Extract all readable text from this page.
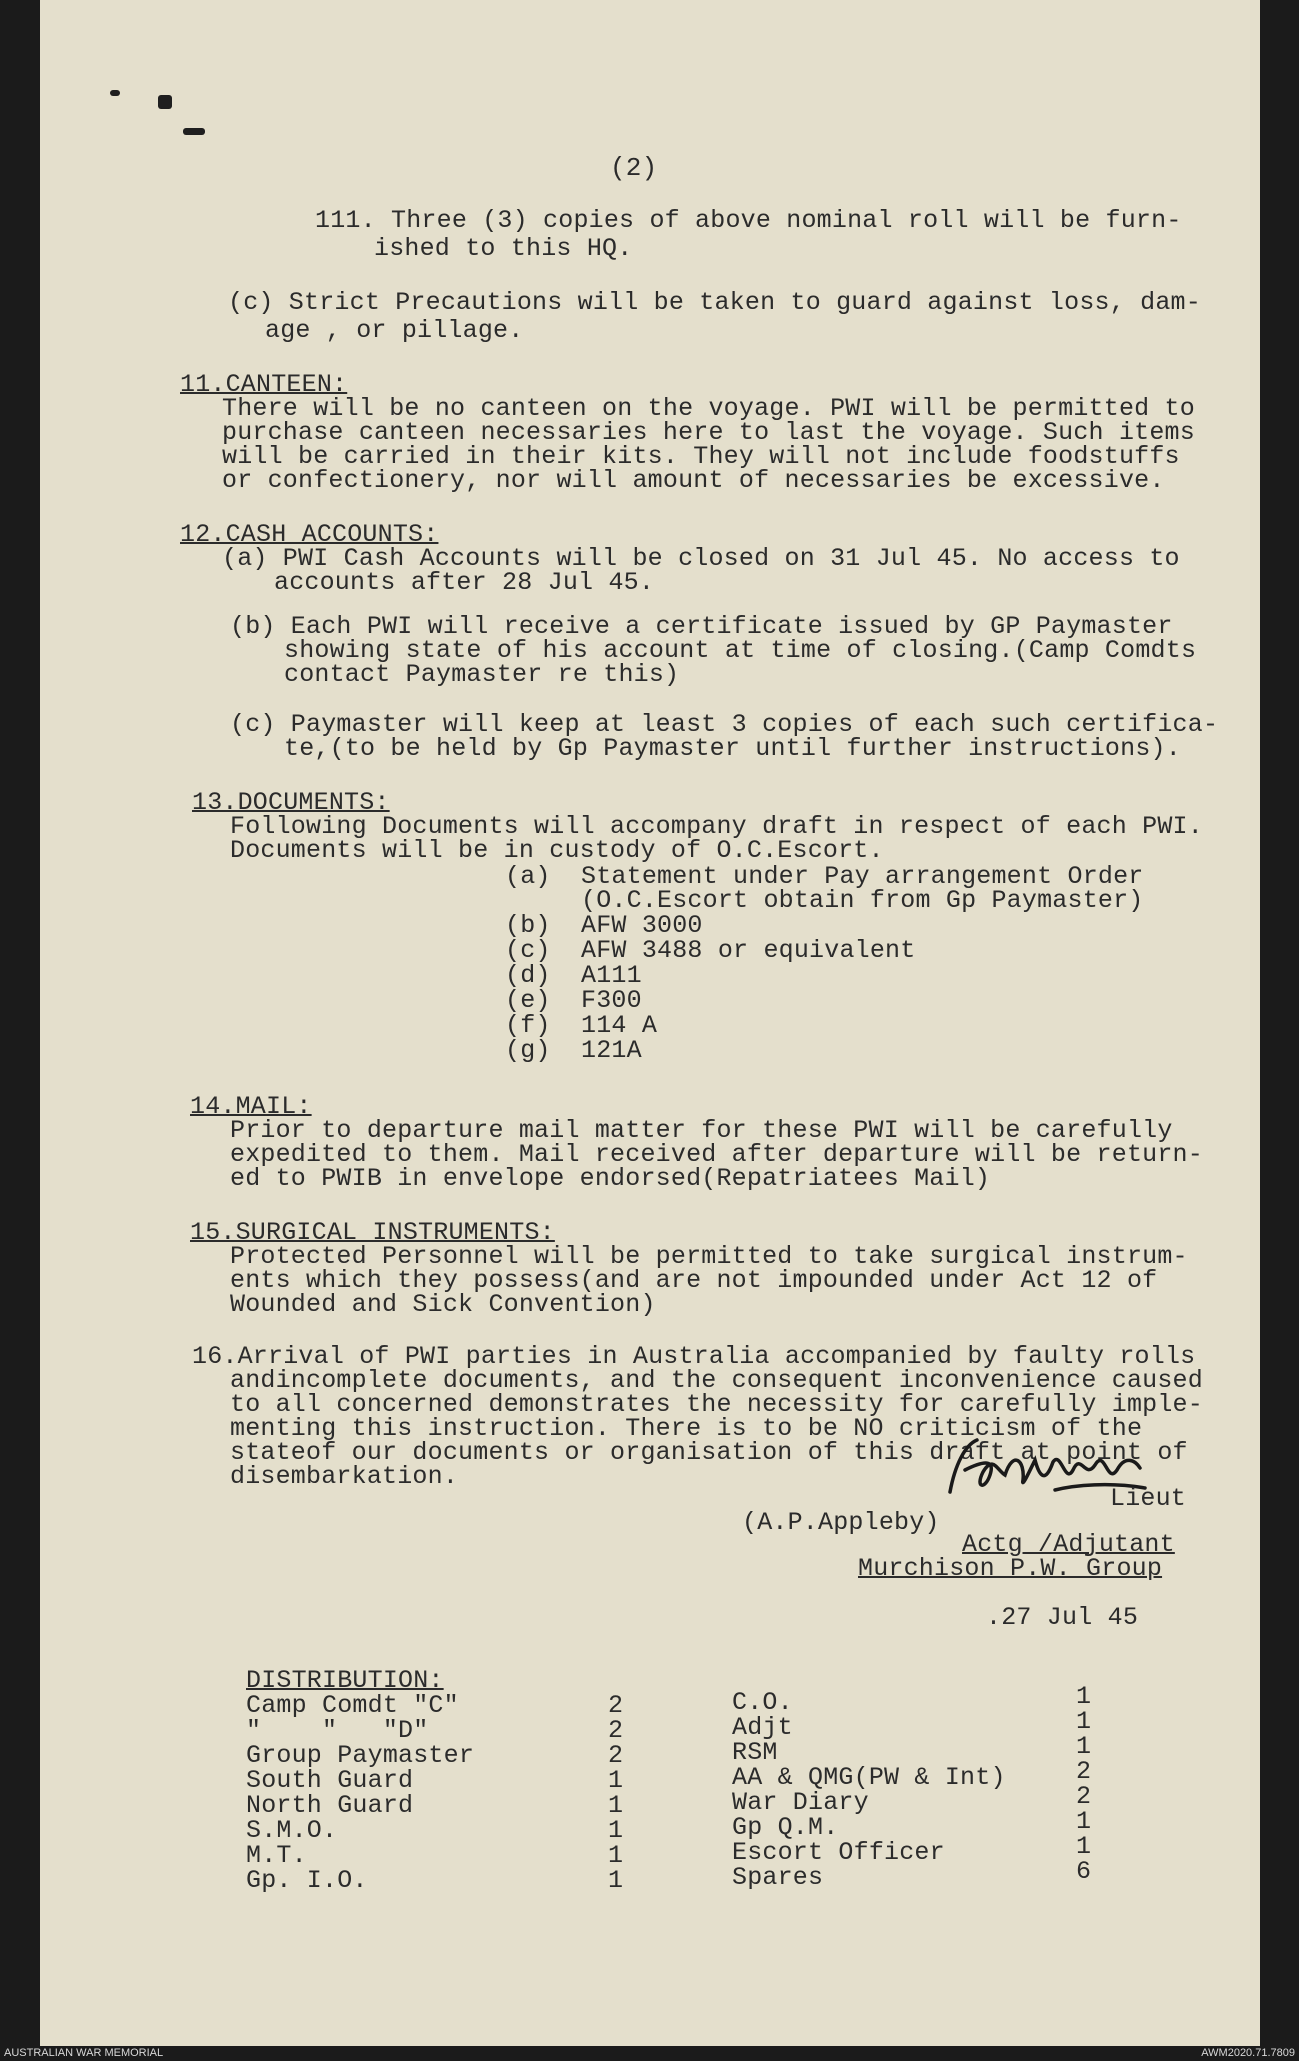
(2)
111. Three (3) copies of above nominal roll will be furn-
ished to this HQ.
(c) Strict Precautions will be taken to guard against loss, dam-
age , or pillage.
11.CANTEEN:
There will be no canteen on the voyage. PWI will be permitted to
purchase canteen necessaries here to last the voyage. Such items
will be carried in their kits. They will not include foodstuffs
or confectionery, nor will amount of necessaries be excessive.
12.CASH ACCOUNTS:
(a) PWI Cash Accounts will be closed on 31 Jul 45. No access to
accounts after 28 Jul 45.
(b) Each PWI will receive a certificate issued by GP Paymaster
showing state of his account at time of closing.(Camp Comdts
contact Paymaster re this)
(c) Paymaster will keep at least 3 copies of each such certifica-
te,(to be held by Gp Paymaster until further instructions).
13.DOCUMENTS:
Following Documents will accompany draft in respect of each PWI.
Documents will be in custody of O.C.Escort.
(a)  Statement under Pay arrangement Order
(O.C.Escort obtain from Gp Paymaster)
(b)  AFW 3000
(c)  AFW 3488 or equivalent
(d)  A111
(e)  F300
(f)  114 A
(g)  121A
14.MAIL:
Prior to departure mail matter for these PWI will be carefully
expedited to them. Mail received after departure will be return-
ed to PWIB in envelope endorsed(Repatriatees Mail)
15.SURGICAL INSTRUMENTS:
Protected Personnel will be permitted to take surgical instrum-
ents which they possess(and are not impounded under Act 12 of
Wounded and Sick Convention)
16.Arrival of PWI parties in Australia accompanied by faulty rolls
andincomplete documents, and the consequent inconvenience caused
to all concerned demonstrates the necessity for carefully imple-
menting this instruction. There is to be NO criticism of the
stateof our documents or organisation of this draft at point of
disembarkation.
(A.P.Appleby)
Lieut
Actg /Adjutant
Murchison P.W. Group
.27 Jul 45
DISTRIBUTION:
Camp Comdt "C"	2
"    "   "D"	2
Group Paymaster	2
South Guard	1
North Guard	1
S.M.O.	1
M.T.	1
Gp. I.O.	1
C.O.	1
Adjt	1
RSM	1
AA & QMG(PW & Int)	2
War Diary	2
Gp Q.M.	1
Escort Officer	1
Spares	6
AUSTRALIAN WAR MEMORIAL	AWM2020.71.7809
